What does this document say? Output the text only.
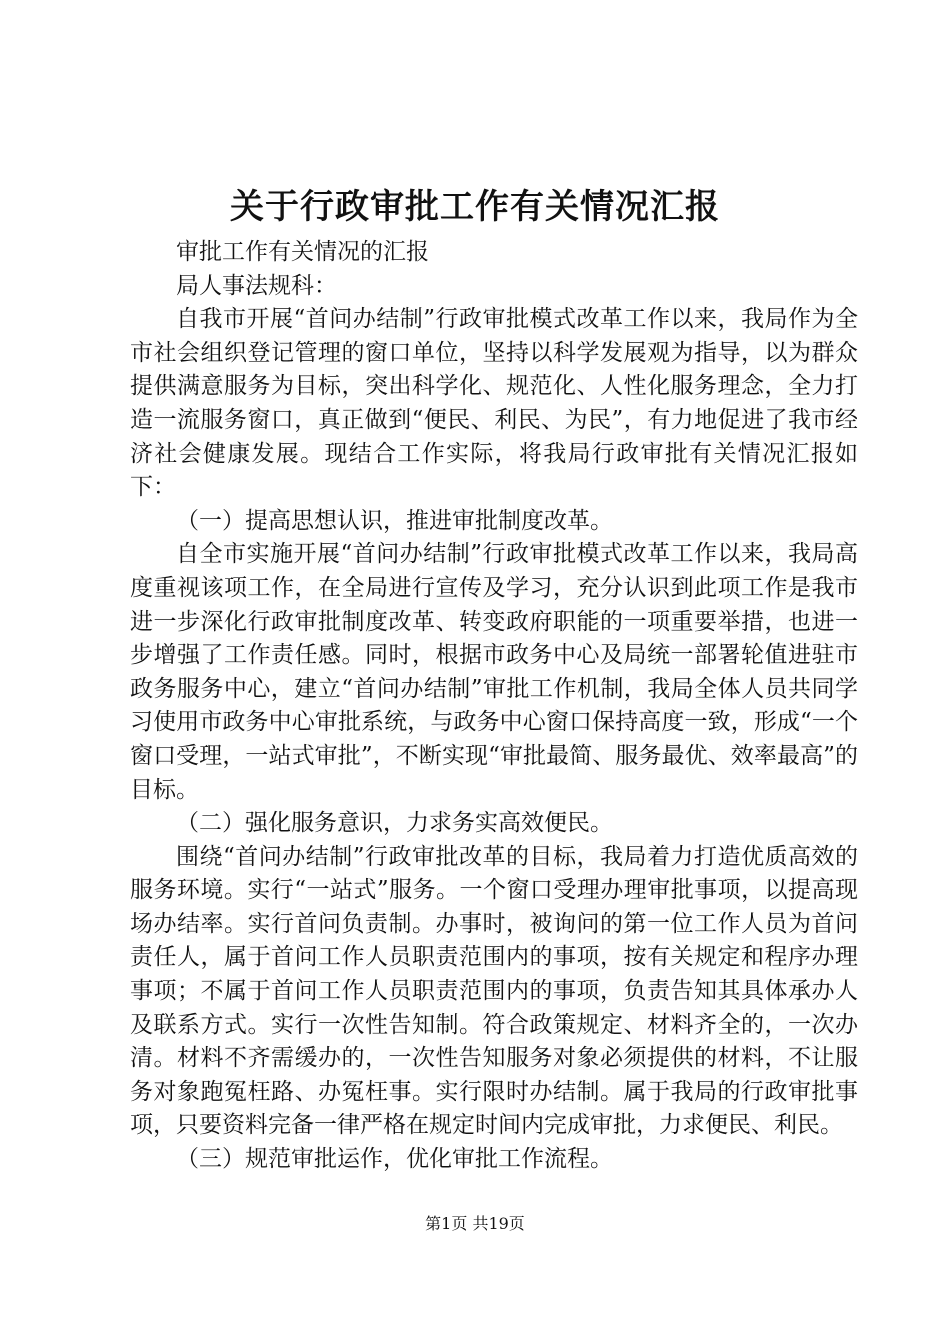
关于行政审批工作有关情况汇报

审批工作有关情况的汇报

局人事法规科：

自我市开展“首问办结制”行政审批模式改革工作以来，我局作为全市社会组织登记管理的窗口单位，坚持以科学发展观为指导，以为群众提供满意服务为目标，突出科学化、规范化、人性化服务理念，全力打造一流服务窗口，真正做到“便民、利民、为民”，有力地促进了我市经济社会健康发展。现结合工作实际，将我局行政审批有关情况汇报如下：

（一）提高思想认识，推进审批制度改革。

自全市实施开展“首问办结制”行政审批模式改革工作以来，我局高度重视该项工作，在全局进行宣传及学习，充分认识到此项工作是我市进一步深化行政审批制度改革、转变政府职能的一项重要举措，也进一步增强了工作责任感。同时，根据市政务中心及局统一部署轮值进驻市政务服务中心，建立“首问办结制”审批工作机制，我局全体人员共同学习使用市政务中心审批系统，与政务中心窗口保持高度一致，形成“一个窗口受理，一站式审批”，不断实现“审批最简、服务最优、效率最高”的目标。

（二）强化服务意识，力求务实高效便民。

围绕“首问办结制”行政审批改革的目标，我局着力打造优质高效的服务环境。实行“一站式”服务。一个窗口受理办理审批事项，以提高现场办结率。实行首问负责制。办事时，被询问的第一位工作人员为首问责任人，属于首问工作人员职责范围内的事项，按有关规定和程序办理事项；不属于首问工作人员职责范围内的事项，负责告知其具体承办人及联系方式。实行一次性告知制。符合政策规定、材料齐全的，一次办清。材料不齐需缓办的，一次性告知服务对象必须提供的材料，不让服务对象跑冤枉路、办冤枉事。实行限时办结制。属于我局的行政审批事项，只要资料完备一律严格在规定时间内完成审批，力求便民、利民。

（三）规范审批运作，优化审批工作流程。

第1页 共19页
